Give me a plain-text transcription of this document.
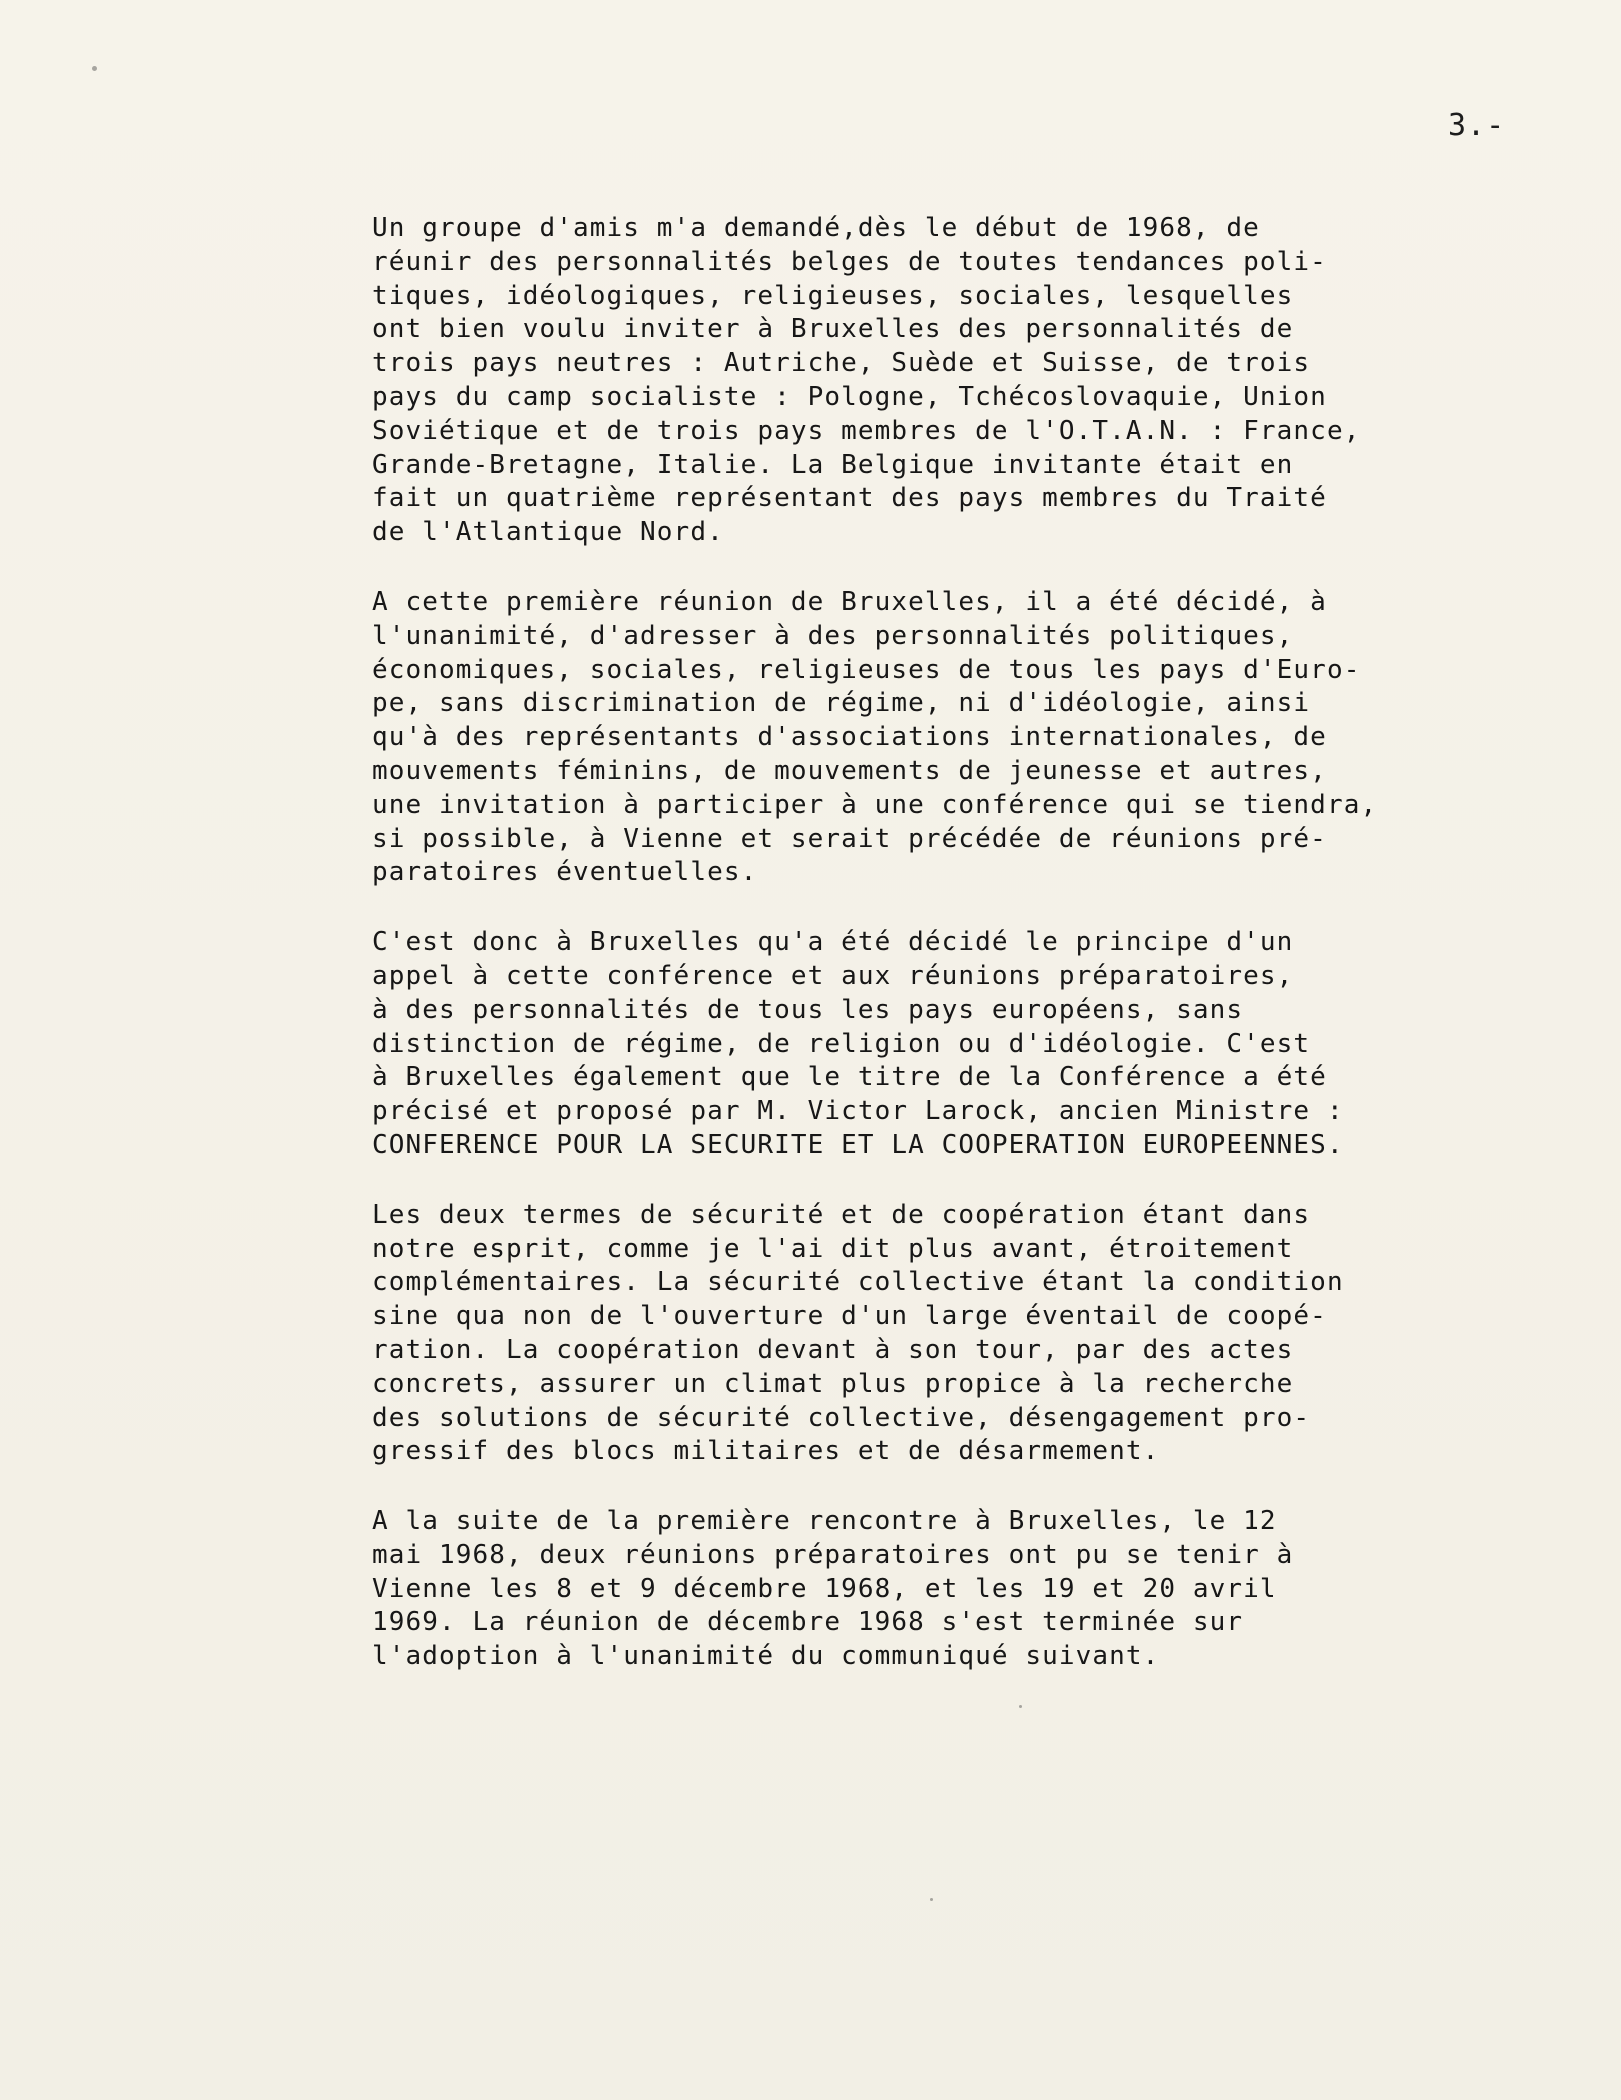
3.-
Un groupe d'amis m'a demandé,dès le début de 1968, de
réunir des personnalités belges de toutes tendances poli-
tiques, idéologiques, religieuses, sociales, lesquelles
ont bien voulu inviter à Bruxelles des personnalités de
trois pays neutres : Autriche, Suède et Suisse, de trois
pays du camp socialiste : Pologne, Tchécoslovaquie, Union
Soviétique et de trois pays membres de l'O.T.A.N. : France,
Grande-Bretagne, Italie. La Belgique invitante était en
fait un quatrième représentant des pays membres du Traité
de l'Atlantique Nord.
A cette première réunion de Bruxelles, il a été décidé, à
l'unanimité, d'adresser à des personnalités politiques,
économiques, sociales, religieuses de tous les pays d'Euro-
pe, sans discrimination de régime, ni d'idéologie, ainsi
qu'à des représentants d'associations internationales, de
mouvements féminins, de mouvements de jeunesse et autres,
une invitation à participer à une conférence qui se tiendra,
si possible, à Vienne et serait précédée de réunions pré-
paratoires éventuelles.
C'est donc à Bruxelles qu'a été décidé le principe d'un
appel à cette conférence et aux réunions préparatoires,
à des personnalités de tous les pays européens, sans
distinction de régime, de religion ou d'idéologie. C'est
à Bruxelles également que le titre de la Conférence a été
précisé et proposé par M. Victor Larock, ancien Ministre :
CONFERENCE POUR LA SECURITE ET LA COOPERATION EUROPEENNES.
Les deux termes de sécurité et de coopération étant dans
notre esprit, comme je l'ai dit plus avant, étroitement
complémentaires. La sécurité collective étant la condition
sine qua non de l'ouverture d'un large éventail de coopé-
ration. La coopération devant à son tour, par des actes
concrets, assurer un climat plus propice à la recherche
des solutions de sécurité collective, désengagement pro-
gressif des blocs militaires et de désarmement.
A la suite de la première rencontre à Bruxelles, le 12
mai 1968, deux réunions préparatoires ont pu se tenir à
Vienne les 8 et 9 décembre 1968, et les 19 et 20 avril
1969. La réunion de décembre 1968 s'est terminée sur
l'adoption à l'unanimité du communiqué suivant.
